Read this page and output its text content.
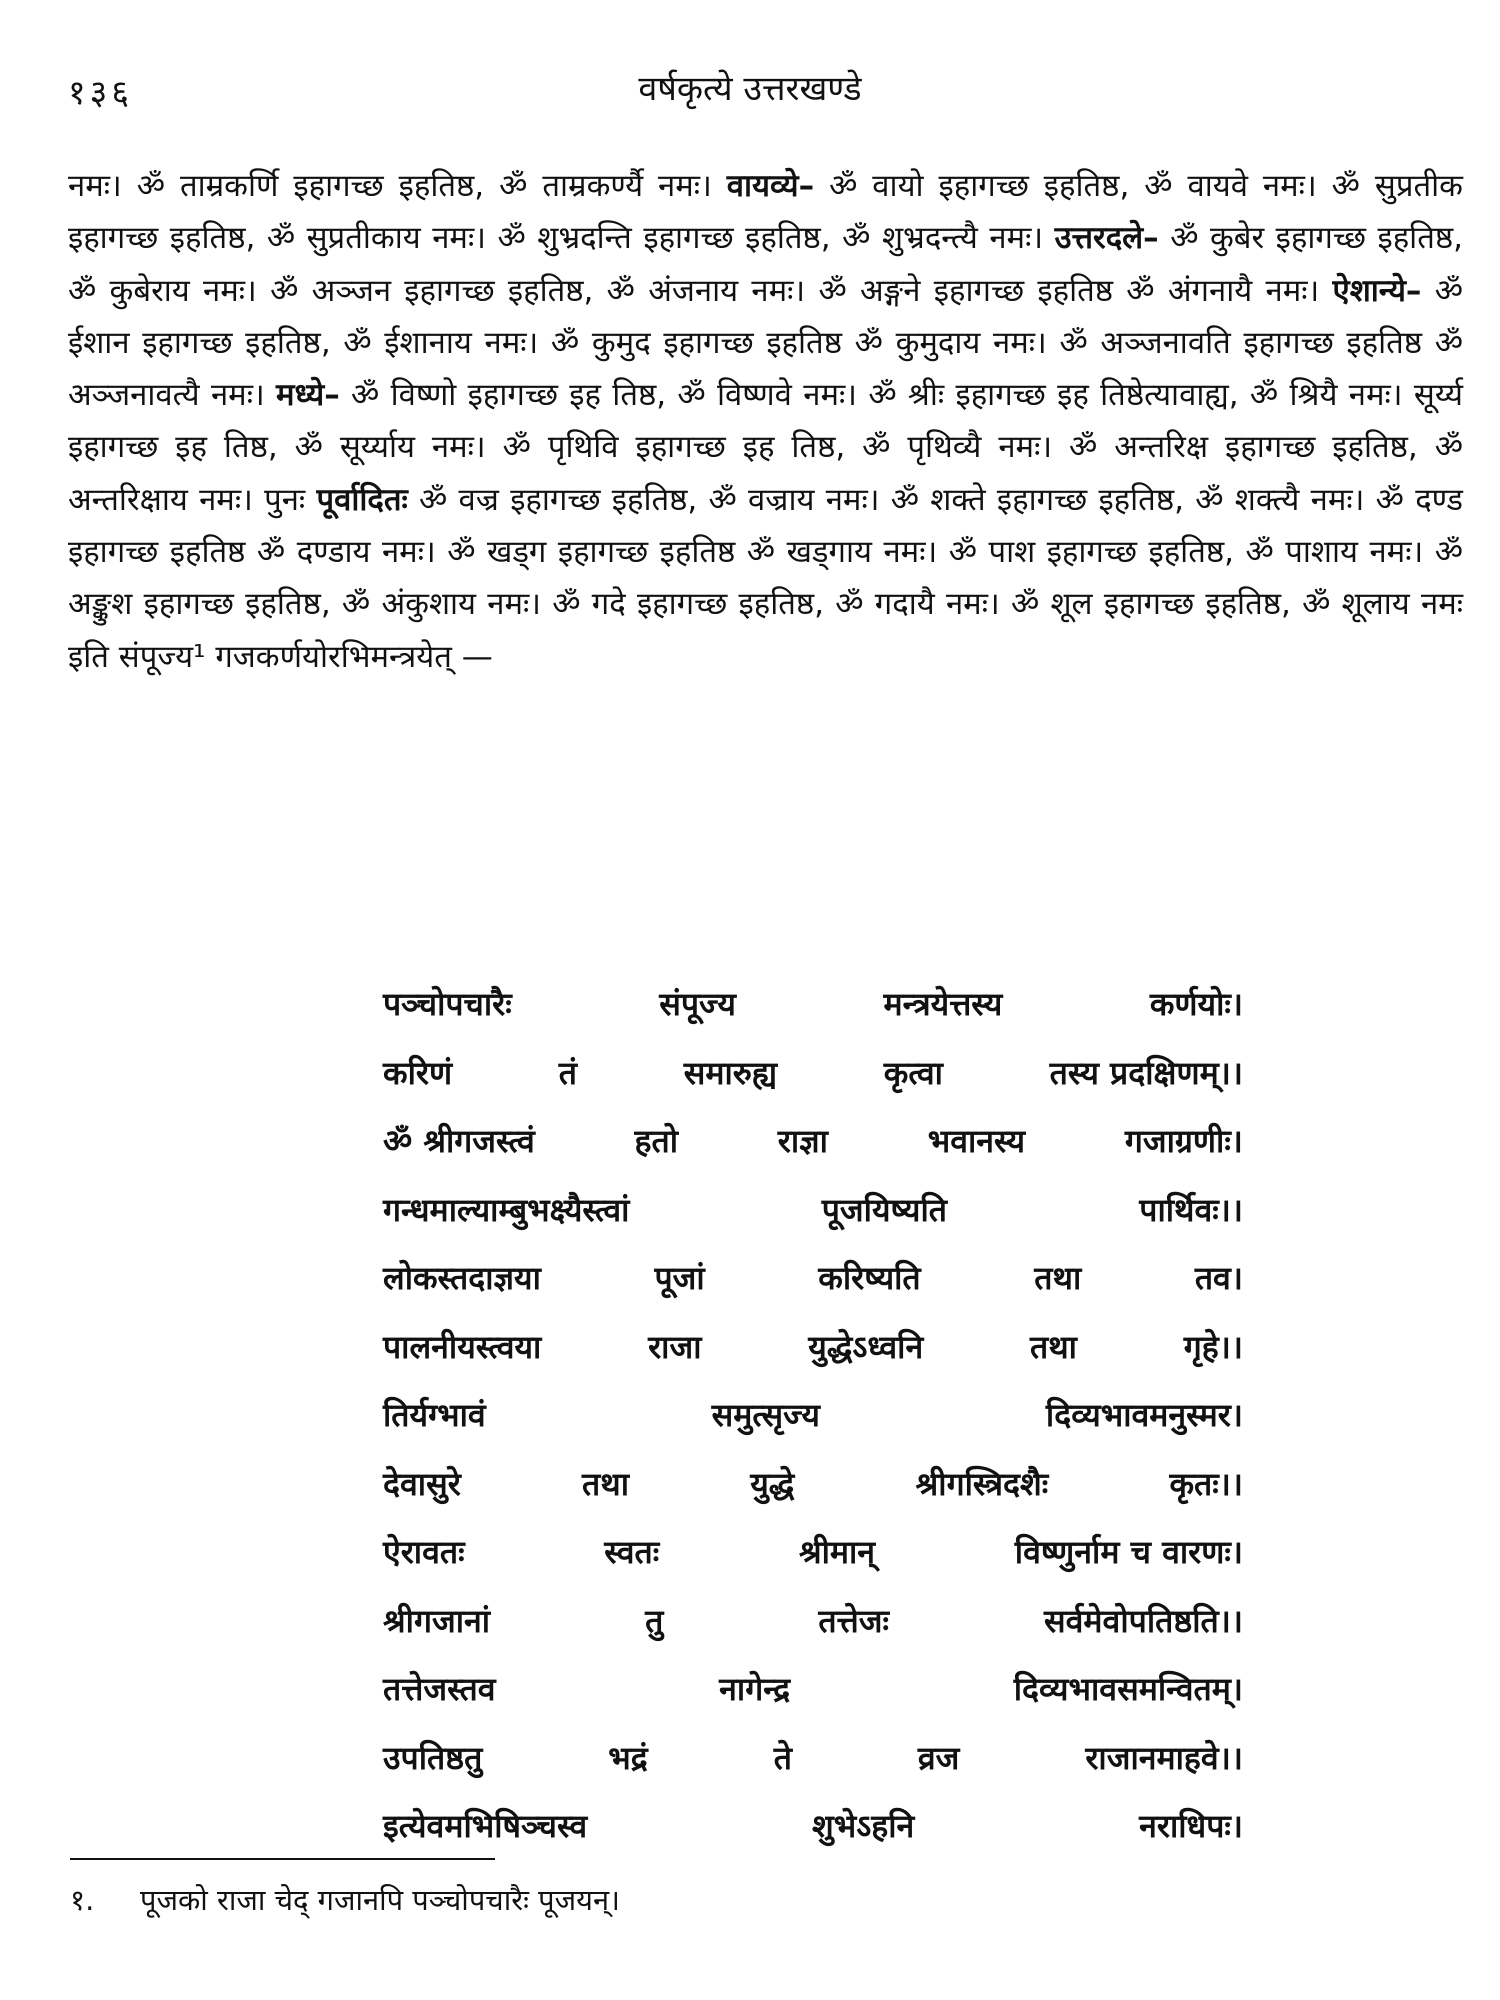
१३६	वर्षकृत्ये उत्तरखण्डे

नमः। ॐ ताम्रकर्णि इहागच्छ इहतिष्ठ, ॐ ताम्रकर्ण्यै नमः। वायव्ये– ॐ वायो इहागच्छ इहतिष्ठ, ॐ वायवे नमः। ॐ सुप्रतीक इहागच्छ इहतिष्ठ, ॐ सुप्रतीकाय नमः। ॐ शुभ्रदन्ति इहागच्छ इहतिष्ठ, ॐ शुभ्रदन्त्यै नमः। उत्तरदले– ॐ कुबेर इहागच्छ इहतिष्ठ, ॐ कुबेराय नमः। ॐ अञ्जन इहागच्छ इहतिष्ठ, ॐ अंजनाय नमः। ॐ अङ्गने इहागच्छ इहतिष्ठ ॐ अंगनायै नमः। ऐशान्ये– ॐ ईशान इहागच्छ इहतिष्ठ, ॐ ईशानाय नमः। ॐ कुमुद इहागच्छ इहतिष्ठ ॐ कुमुदाय नमः। ॐ अञ्जनावति इहागच्छ इहतिष्ठ ॐ अञ्जनावत्यै नमः। मध्ये– ॐ विष्णो इहागच्छ इह तिष्ठ, ॐ विष्णवे नमः। ॐ श्रीः इहागच्छ इह तिष्ठेत्यावाह्य, ॐ श्रियै नमः। सूर्य्य इहागच्छ इह तिष्ठ, ॐ सूर्य्याय नमः। ॐ पृथिवि इहागच्छ इह तिष्ठ, ॐ पृथिव्यै नमः। ॐ अन्तरिक्ष इहागच्छ इहतिष्ठ, ॐ अन्तरिक्षाय नमः। पुनः पूर्वादितः ॐ वज्र इहागच्छ इहतिष्ठ, ॐ वज्राय नमः। ॐ शक्ते इहागच्छ इहतिष्ठ, ॐ शक्त्यै नमः। ॐ दण्ड इहागच्छ इहतिष्ठ ॐ दण्डाय नमः। ॐ खड्ग इहागच्छ इहतिष्ठ ॐ खड्गाय नमः। ॐ पाश इहागच्छ इहतिष्ठ, ॐ पाशाय नमः। ॐ अङ्कुश इहागच्छ इहतिष्ठ, ॐ अंकुशाय नमः। ॐ गदे इहागच्छ इहतिष्ठ, ॐ गदायै नमः। ॐ शूल इहागच्छ इहतिष्ठ, ॐ शूलाय नमः इति संपूज्य¹ गजकर्णयोरभिमन्त्रयेत् —

पञ्चोपचारैः	संपूज्य	मन्त्रयेत्तस्य	कर्णयोः।
करिणं	तं	समारुह्य	कृत्वा	तस्य प्रदक्षिणम्।।
ॐ श्रीगजस्त्वं	हतो	राज्ञा	भवानस्य	गजाग्रणीः।
गन्धमाल्याम्बुभक्ष्यैस्त्वां	पूजयिष्यति	पार्थिवः।।
लोकस्तदाज्ञया	पूजां	करिष्यति	तथा	तव।
पालनीयस्त्वया	राजा	युद्धेऽध्वनि	तथा	गृहे।।
तिर्यग्भावं	समुत्सृज्य	दिव्यभावमनुस्मर।
देवासुरे	तथा	युद्धे	श्रीगस्त्रिदशैः	कृतः।।
ऐरावतः	स्वतः	श्रीमान्	विष्णुर्नाम च वारणः।
श्रीगजानां	तु	तत्तेजः	सर्वमेवोपतिष्ठति।।
तत्तेजस्तव	नागेन्द्र	दिव्यभावसमन्वितम्।
उपतिष्ठतु	भद्रं	ते	व्रज	राजानमाहवे।।
इत्येवमभिषिञ्चस्व	शुभेऽहनि	नराधिपः।
१. पूजको राजा चेद् गजानपि पञ्चोपचारैः पूजयन्।
